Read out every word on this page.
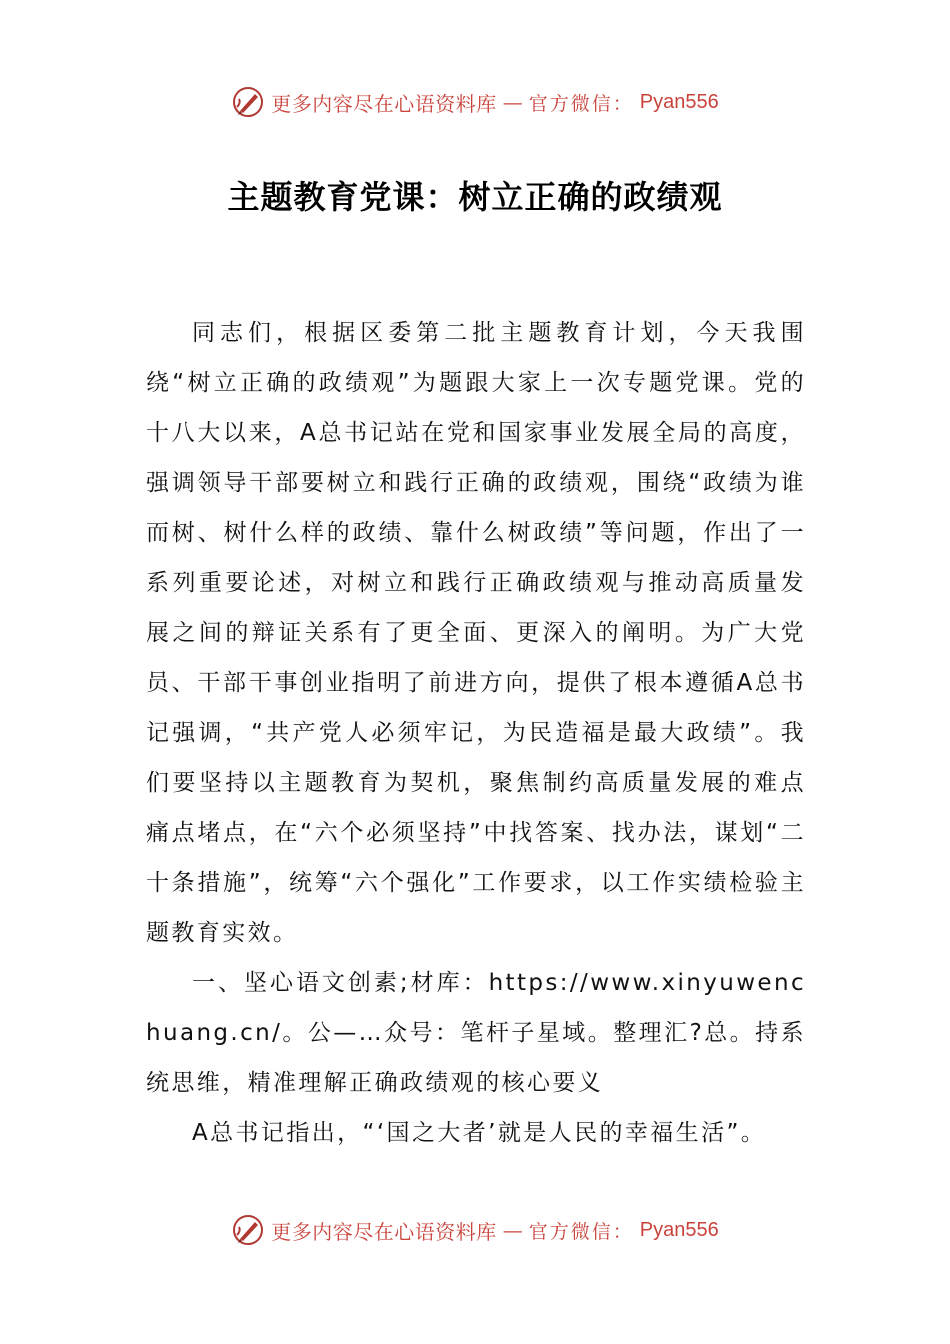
更多内容尽在心语资料库 — 官方微信： Pyan556
主题教育党课：树立正确的政绩观

同志们，根据区委第二批主题教育计划，今天我围绕“树立正确的政绩观”为题跟大家上一次专题党课。党的十八大以来，A总书记站在党和国家事业发展全局的高度，强调领导干部要树立和践行正确的政绩观，围绕“政绩为谁而树、树什么样的政绩、靠什么树政绩”等问题，作出了一系列重要论述，对树立和践行正确政绩观与推动高质量发展之间的辩证关系有了更全面、更深入的阐明。为广大党员、干部干事创业指明了前进方向，提供了根本遵循A总书记强调，“共产党人必须牢记，为民造福是最大政绩”。我们要坚持以主题教育为契机，聚焦制约高质量发展的难点痛点堵点，在“六个必须坚持”中找答案、找办法，谋划“二十条措施”，统筹“六个强化”工作要求，以工作实绩检验主题教育实效。

一、坚心语文创素;材库：https://www.xinyuwenchuang.cn/。公—…众号：笔杆子星域。整理汇?总。持系统思维，精准理解正确政绩观的核心要义

A总书记指出，“‘国之大者’就是人民的幸福生活”。

更多内容尽在心语资料库 — 官方微信： Pyan556
